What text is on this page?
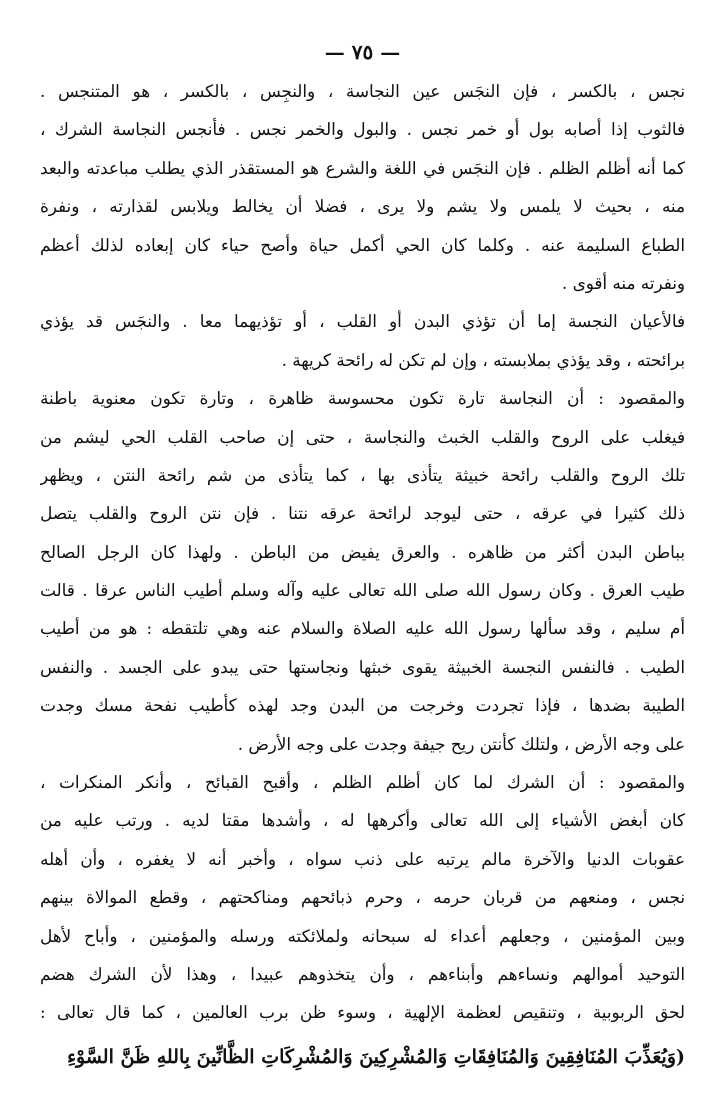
— ٧٥ —
نجس ، بالكسر ، فإن النجَس عين النجاسة ، والنجِس ، بالكسر ، هو المتنجس .
فالثوب إذا أصابه بول أو خمر نجس . والبول والخمر نجس . فأنجس النجاسة الشرك ،
كما أنه أظلم الظلم . فإن النجَس في اللغة والشرع هو المستقذر الذي يطلب مباعدته والبعد
منه ، بحيث لا يلمس ولا يشم ولا يرى ، فضلا أن يخالط ويلابس لقذارته ، ونفرة
الطباع السليمة عنه . وكلما كان الحي أكمل حياة وأصح حياء كان إبعاده لذلك أعظم
ونفرته منه أقوى .
فالأعيان النجسة إما أن تؤذي البدن أو القلب ، أو تؤذيهما معا . والنجَس قد يؤذي
برائحته ، وقد يؤذي بملابسته ، وإن لم تكن له رائحة كريهة .
والمقصود : أن النجاسة تارة تكون محسوسة ظاهرة ، وتارة تكون معنوية باطنة
فيغلب على الروح والقلب الخبث والنجاسة ، حتى إن صاحب القلب الحي ليشم من
تلك الروح والقلب رائحة خبيثة يتأذى بها ، كما يتأذى من شم رائحة النتن ، ويظهر
ذلك كثيرا في عرقه ، حتى ليوجد لرائحة عرقه نتنا . فإن نتن الروح والقلب يتصل
بباطن البدن أكثر من ظاهره . والعرق يفيض من الباطن . ولهذا كان الرجل الصالح
طيب العرق . وكان رسول الله صلى الله تعالى عليه وآله وسلم أطيب الناس عرقا . قالت
أم سليم ، وقد سألها رسول الله عليه الصلاة والسلام عنه وهي تلتقطه : هو من أطيب
الطيب . فالنفس النجسة الخبيثة يقوى خبثها ونجاستها حتى يبدو على الجسد . والنفس
الطيبة بضدها ، فإذا تجردت وخرجت من البدن وجد لهذه كأطيب نفحة مسك وجدت
على وجه الأرض ، ولتلك كأنتن ريح جيفة وجدت على وجه الأرض .
والمقصود : أن الشرك لما كان أظلم الظلم ، وأقبح القبائح ، وأنكر المنكرات ،
كان أبغض الأشياء إلى الله تعالى وأكرهها له ، وأشدها مقتا لديه . ورتب عليه من
عقوبات الدنيا والآخرة مالم يرتبه على ذنب سواه ، وأخبر أنه لا يغفره ، وأن أهله
نجس ، ومنعهم من قربان حرمه ، وحرم ذبائحهم ومناكحتهم ، وقطع الموالاة بينهم
وبين المؤمنين ، وجعلهم أعداء له سبحانه ولملائكته ورسله والمؤمنين ، وأباح لأهل
التوحيد أموالهم ونساءهم وأبناءهم ، وأن يتخذوهم عبيدا ، وهذا لأن الشرك هضم
لحق الربوبية ، وتنقيص لعظمة الإلهية ، وسوء ظن برب العالمين ، كما قال تعالى :
(وَيُعَذِّبَ المُنَافِقِينَ وَالمُنَافِقَاتِ وَالمُشْرِكِينَ وَالمُشْرِكَاتِ الظَّانِّينَ بِاللهِ ظَنَّ السَّوْءِ
